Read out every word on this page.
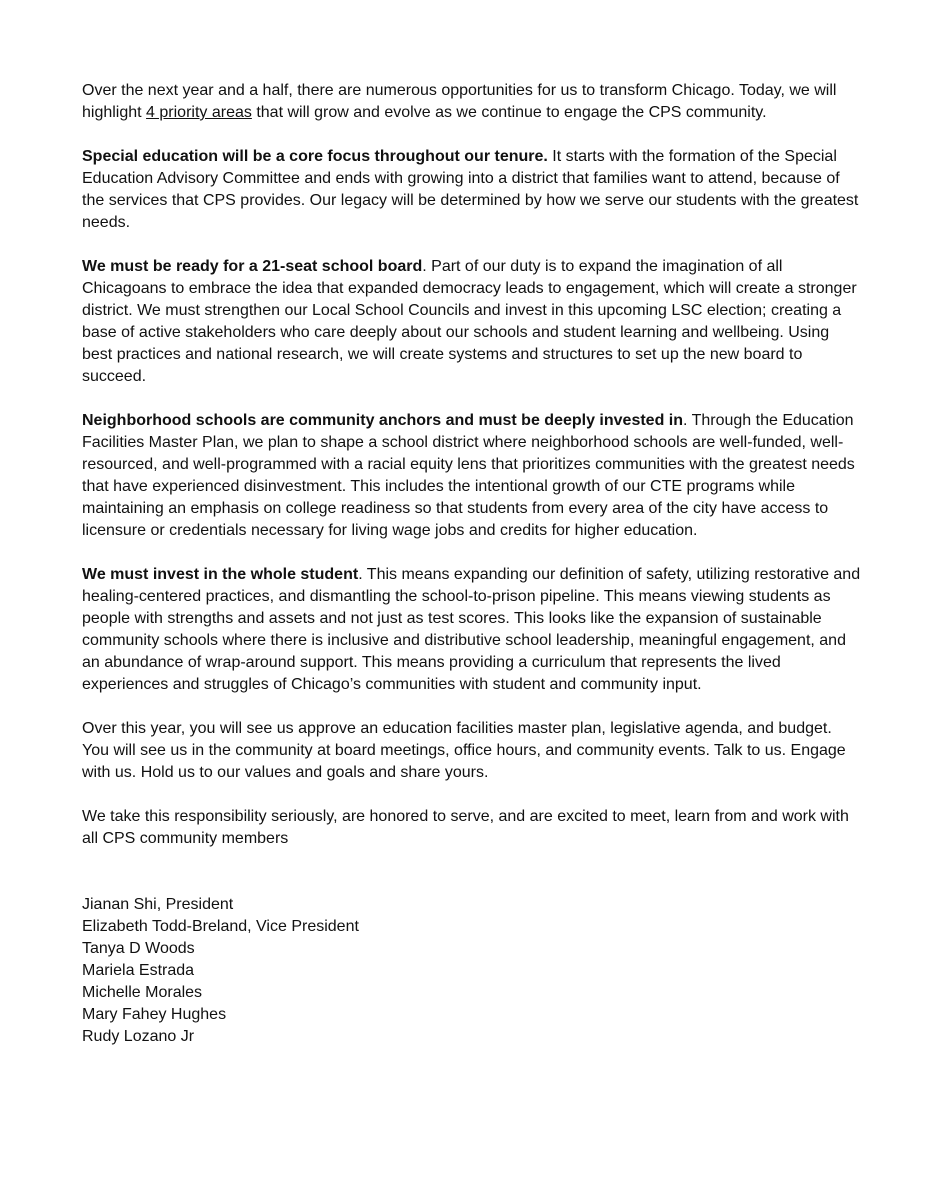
Over the next year and a half, there are numerous opportunities for us to transform Chicago. Today, we will highlight 4 priority areas that will grow and evolve as we continue to engage the CPS community.

Special education will be a core focus throughout our tenure. It starts with the formation of the Special Education Advisory Committee and ends with growing into a district that families want to attend, because of the services that CPS provides. Our legacy will be determined by how we serve our students with the greatest needs.

We must be ready for a 21-seat school board. Part of our duty is to expand the imagination of all Chicagoans to embrace the idea that expanded democracy leads to engagement, which will create a stronger district. We must strengthen our Local School Councils and invest in this upcoming LSC election; creating a base of active stakeholders who care deeply about our schools and student learning and wellbeing. Using best practices and national research, we will create systems and structures to set up the new board to succeed.

Neighborhood schools are community anchors and must be deeply invested in. Through the Education Facilities Master Plan, we plan to shape a school district where neighborhood schools are well-funded, well-resourced, and well-programmed with a racial equity lens that prioritizes communities with the greatest needs that have experienced disinvestment. This includes the intentional growth of our CTE programs while maintaining an emphasis on college readiness so that students from every area of the city have access to licensure or credentials necessary for living wage jobs and credits for higher education.

We must invest in the whole student. This means expanding our definition of safety, utilizing restorative and healing-centered practices, and dismantling the school-to-prison pipeline. This means viewing students as people with strengths and assets and not just as test scores. This looks like the expansion of sustainable community schools where there is inclusive and distributive school leadership, meaningful engagement, and an abundance of wrap-around support. This means providing a curriculum that represents the lived experiences and struggles of Chicago’s communities with student and community input.

Over this year, you will see us approve an education facilities master plan, legislative agenda, and budget. You will see us in the community at board meetings, office hours, and community events. Talk to us. Engage with us. Hold us to our values and goals and share yours.

We take this responsibility seriously, are honored to serve, and are excited to meet, learn from and work with all CPS community members

Jianan Shi, President
Elizabeth Todd-Breland, Vice President
Tanya D Woods
Mariela Estrada
Michelle Morales
Mary Fahey Hughes
Rudy Lozano Jr
